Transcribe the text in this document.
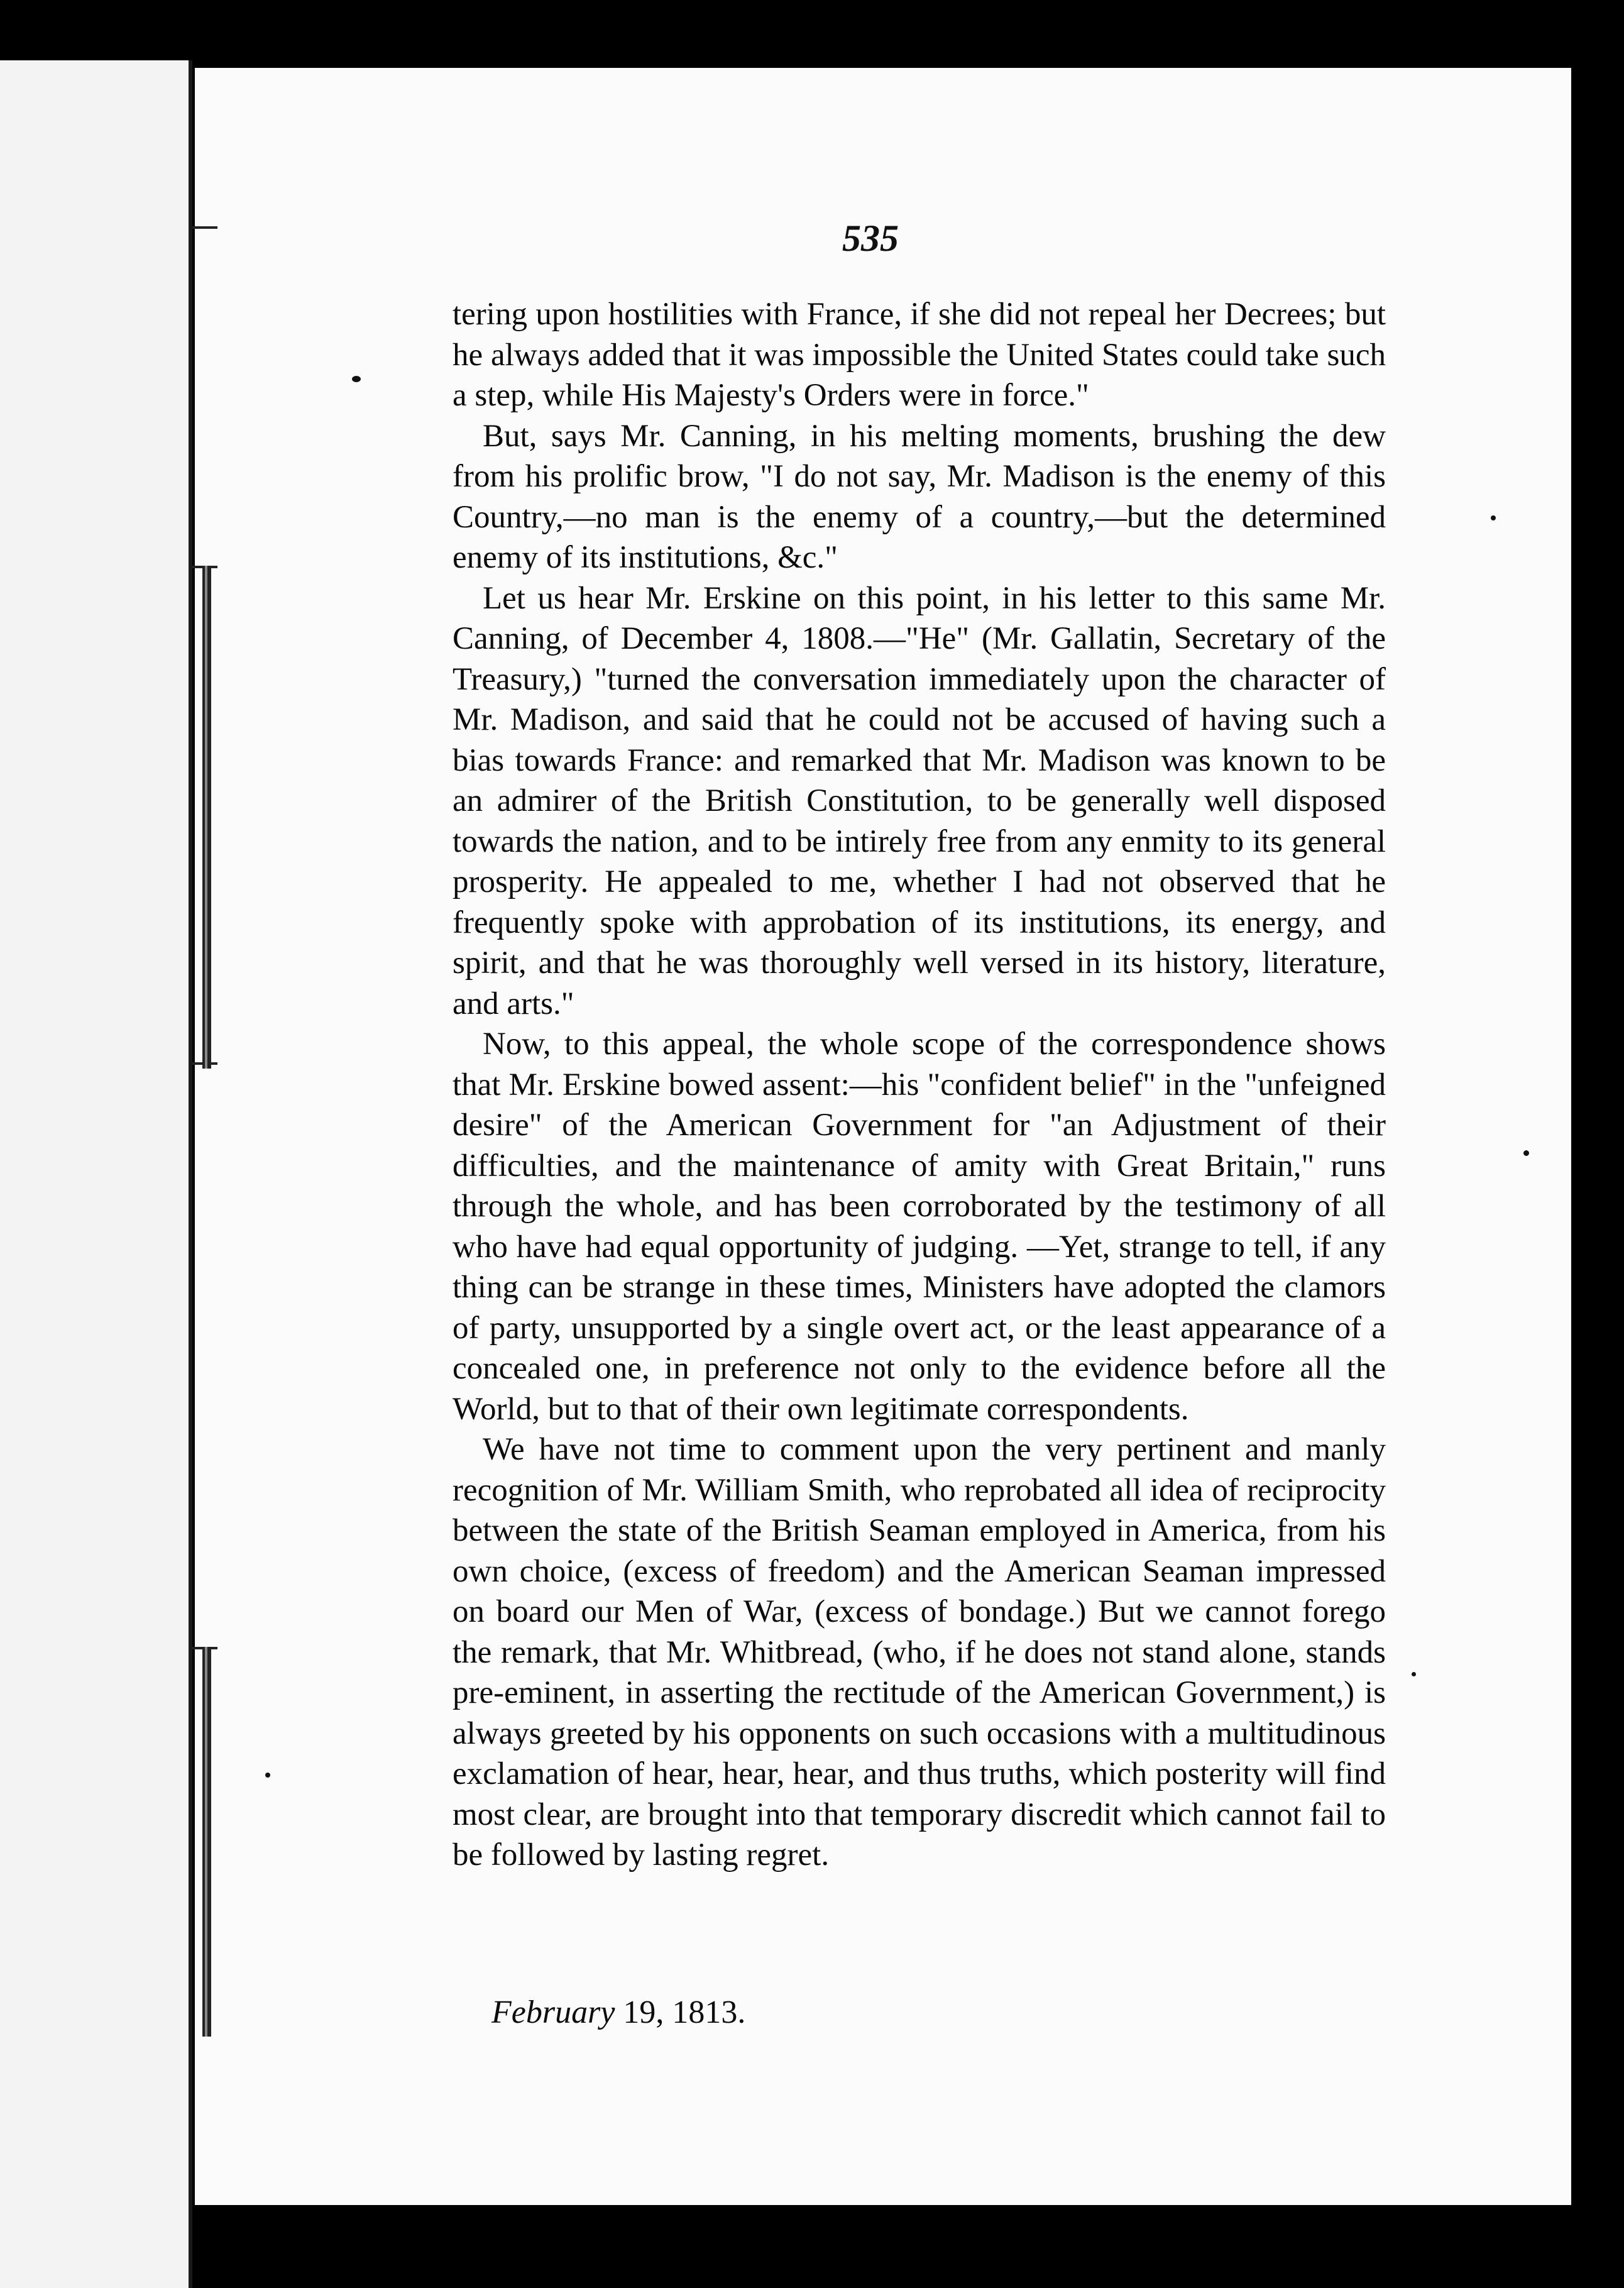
535

tering upon hostilities with France, if she did not repeal her Decrees; but he always added that it was impossible the United States could take such a step, while His Majesty's Orders were in force."

But, says Mr. Canning, in his melting moments, brushing the dew from his prolific brow, "I do not say, Mr. Madison is the enemy of this Country,—no man is the enemy of a country,—but the determined enemy of its institutions, &c."

Let us hear Mr. Erskine on this point, in his letter to this same Mr. Canning, of December 4, 1808.—"He" (Mr. Gallatin, Secretary of the Treasury,) "turned the conversation immediately upon the character of Mr. Madison, and said that he could not be accused of having such a bias towards France: and remarked that Mr. Madison was known to be an admirer of the British Constitution, to be generally well disposed towards the nation, and to be intirely free from any enmity to its general prosperity. He appealed to me, whether I had not observed that he frequently spoke with approbation of its institutions, its energy, and spirit, and that he was thoroughly well versed in its history, literature, and arts."

Now, to this appeal, the whole scope of the correspondence shows that Mr. Erskine bowed assent:—his "confident belief" in the "unfeigned desire" of the American Government for "an Adjustment of their difficulties, and the maintenance of amity with Great Britain," runs through the whole, and has been corroborated by the testimony of all who have had equal opportunity of judging. —Yet, strange to tell, if any thing can be strange in these times, Ministers have adopted the clamors of party, unsupported by a single overt act, or the least appearance of a concealed one, in preference not only to the evidence before all the World, but to that of their own legitimate correspondents.

We have not time to comment upon the very pertinent and manly recognition of Mr. William Smith, who reprobated all idea of reciprocity between the state of the British Seaman employed in America, from his own choice, (excess of freedom) and the American Seaman impressed on board our Men of War, (excess of bondage.) But we cannot forego the remark, that Mr. Whitbread, (who, if he does not stand alone, stands pre-eminent, in asserting the rectitude of the American Government,) is always greeted by his opponents on such occasions with a multitudinous exclamation of hear, hear, hear, and thus truths, which posterity will find most clear, are brought into that temporary discredit which cannot fail to be followed by lasting regret.

February 19, 1813.
